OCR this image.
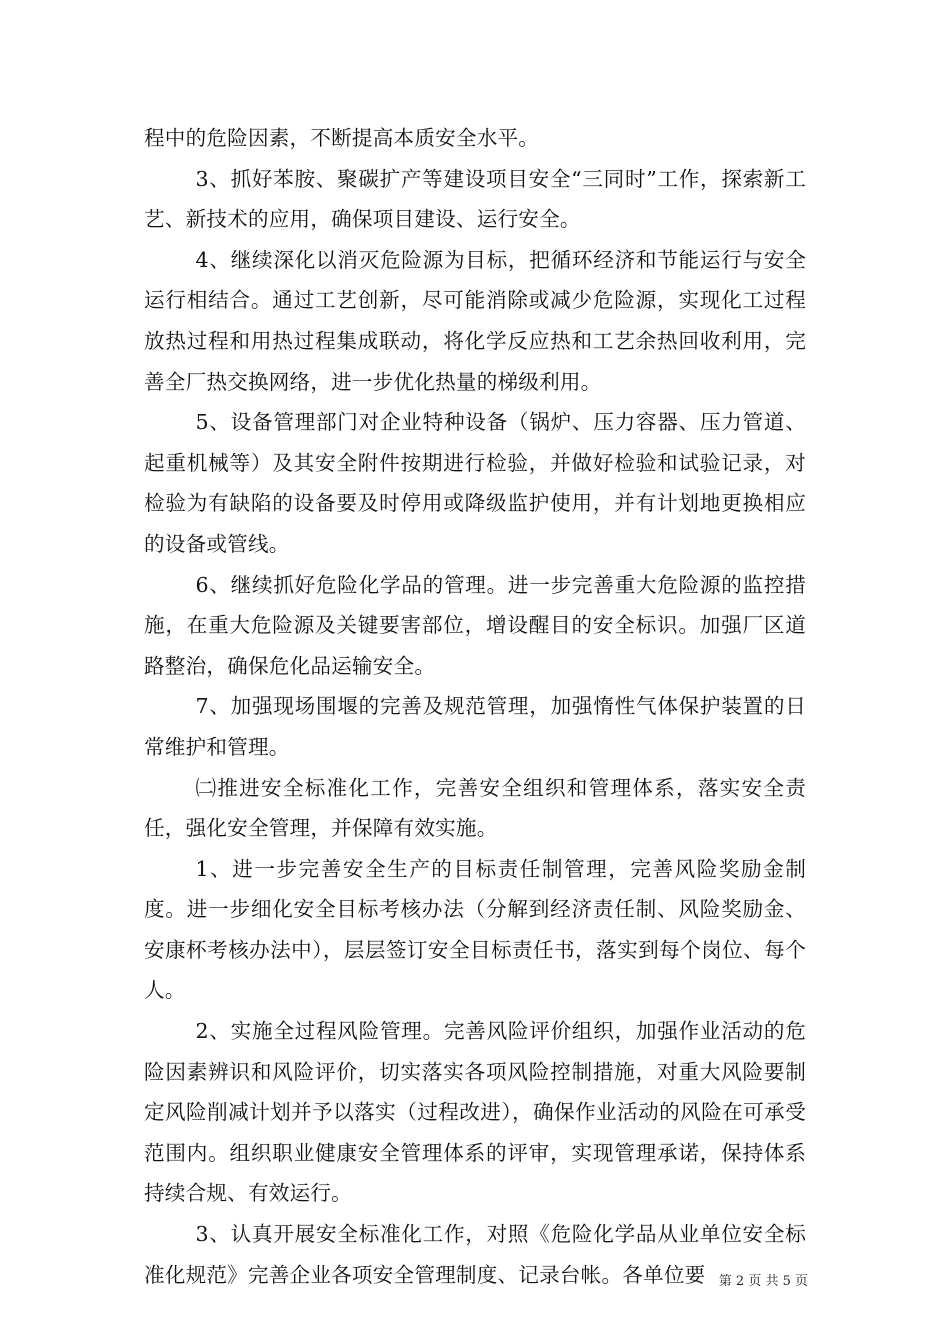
程中的危险因素，不断提高本质安全水平。

3、抓好苯胺、聚碳扩产等建设项目安全“三同时”工作，探索新工艺、新技术的应用，确保项目建设、运行安全。

4、继续深化以消灭危险源为目标，把循环经济和节能运行与安全运行相结合。通过工艺创新，尽可能消除或减少危险源，实现化工过程放热过程和用热过程集成联动，将化学反应热和工艺余热回收利用，完善全厂热交换网络，进一步优化热量的梯级利用。

5、设备管理部门对企业特种设备（锅炉、压力容器、压力管道、起重机械等）及其安全附件按期进行检验，并做好检验和试验记录，对检验为有缺陷的设备要及时停用或降级监护使用，并有计划地更换相应的设备或管线。

6、继续抓好危险化学品的管理。进一步完善重大危险源的监控措施，在重大危险源及关键要害部位，增设醒目的安全标识。加强厂区道路整治，确保危化品运输安全。

7、加强现场围堰的完善及规范管理，加强惰性气体保护装置的日常维护和管理。

㈡推进安全标准化工作，完善安全组织和管理体系，落实安全责任，强化安全管理，并保障有效实施。

1、进一步完善安全生产的目标责任制管理，完善风险奖励金制度。进一步细化安全目标考核办法（分解到经济责任制、风险奖励金、安康杯考核办法中），层层签订安全目标责任书，落实到每个岗位、每个人。

2、实施全过程风险管理。完善风险评价组织，加强作业活动的危险因素辨识和风险评价，切实落实各项风险控制措施，对重大风险要制定风险削减计划并予以落实（过程改进），确保作业活动的风险在可承受范围内。组织职业健康安全管理体系的评审，实现管理承诺，保持体系持续合规、有效运行。

3、认真开展安全标准化工作，对照《危险化学品从业单位安全标准化规范》完善企业各项安全管理制度、记录台帐。各单位要	第 2 页 共 5 页
